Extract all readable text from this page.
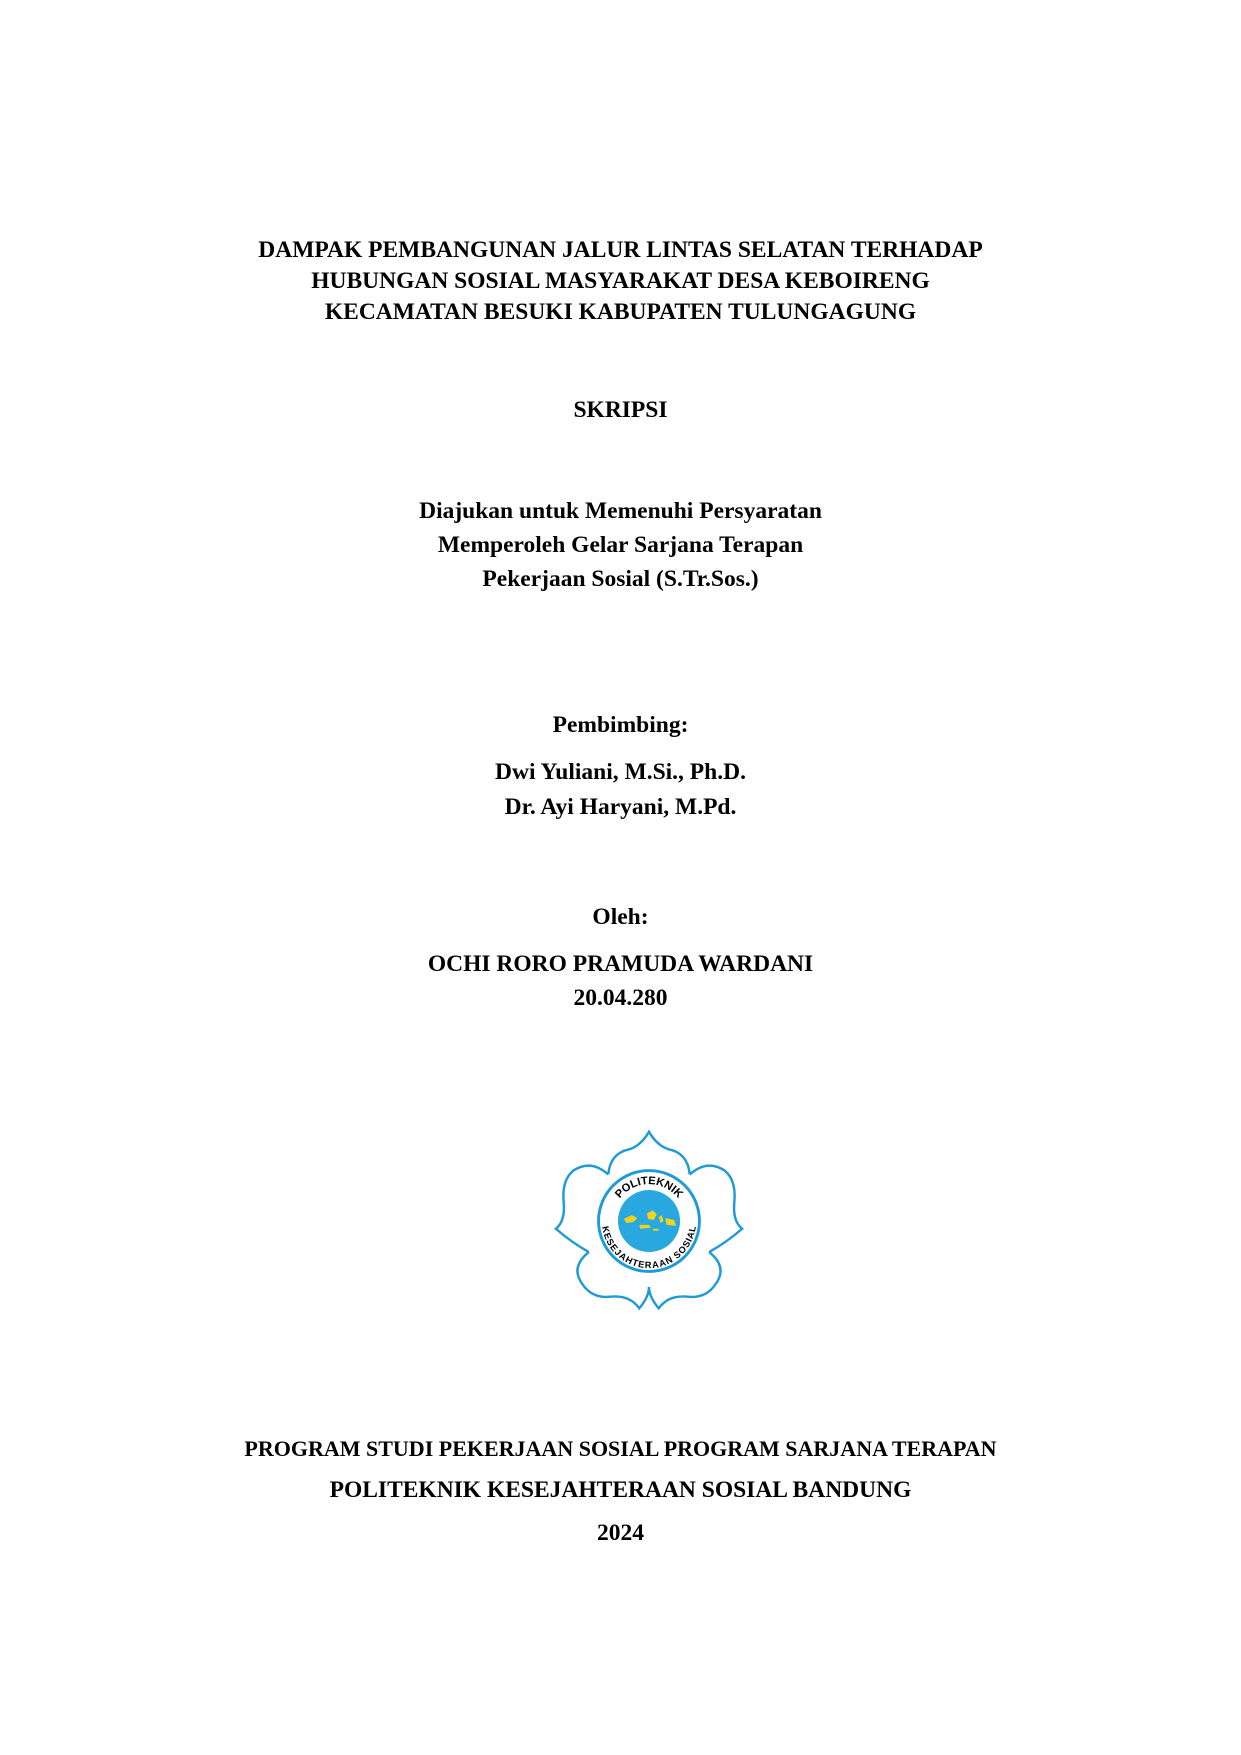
DAMPAK PEMBANGUNAN JALUR LINTAS SELATAN TERHADAP
HUBUNGAN SOSIAL MASYARAKAT DESA KEBOIRENG
KECAMATAN BESUKI KABUPATEN TULUNGAGUNG
SKRIPSI
Diajukan untuk Memenuhi Persyaratan
Memperoleh Gelar Sarjana Terapan
Pekerjaan Sosial (S.Tr.Sos.)
Pembimbing:
Dwi Yuliani, M.Si., Ph.D.
Dr. Ayi Haryani, M.Pd.
Oleh:
OCHI RORO PRAMUDA WARDANI
20.04.280
POLITEKNIK
KESEJAHTERAAN SOSIAL
PROGRAM STUDI PEKERJAAN SOSIAL PROGRAM SARJANA TERAPAN
POLITEKNIK KESEJAHTERAAN SOSIAL BANDUNG
2024
